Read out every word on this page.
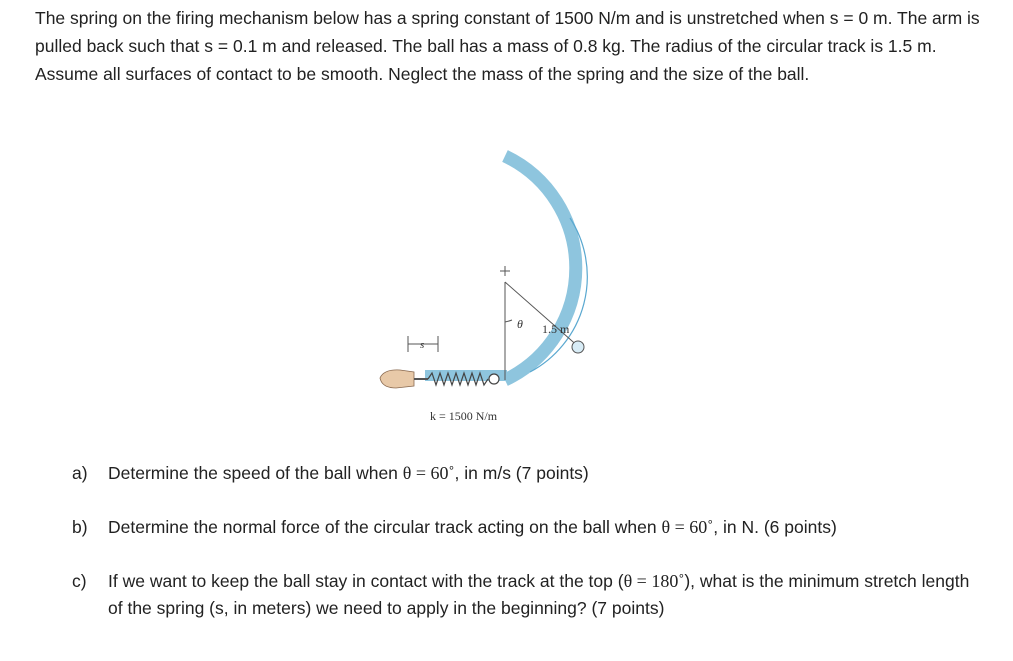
The spring on the firing mechanism below has a spring constant of 1500 N/m and is unstretched when s = 0 m. The arm is pulled back such that s = 0.1 m and released. The ball has a mass of 0.8 kg. The radius of the circular track is 1.5 m. Assume all surfaces of contact to be smooth. Neglect the mass of the spring and the size of the ball.
θ 1.5 m
s
k = 1500 N/m
a) Determine the speed of the ball when θ = 60˚, in m/s (7 points)
b) Determine the normal force of the circular track acting on the ball when θ = 60˚, in N. (6 points)
c) If we want to keep the ball stay in contact with the track at the top (θ = 180˚), what is the minimum stretch length of the spring (s, in meters) we need to apply in the beginning? (7 points)
